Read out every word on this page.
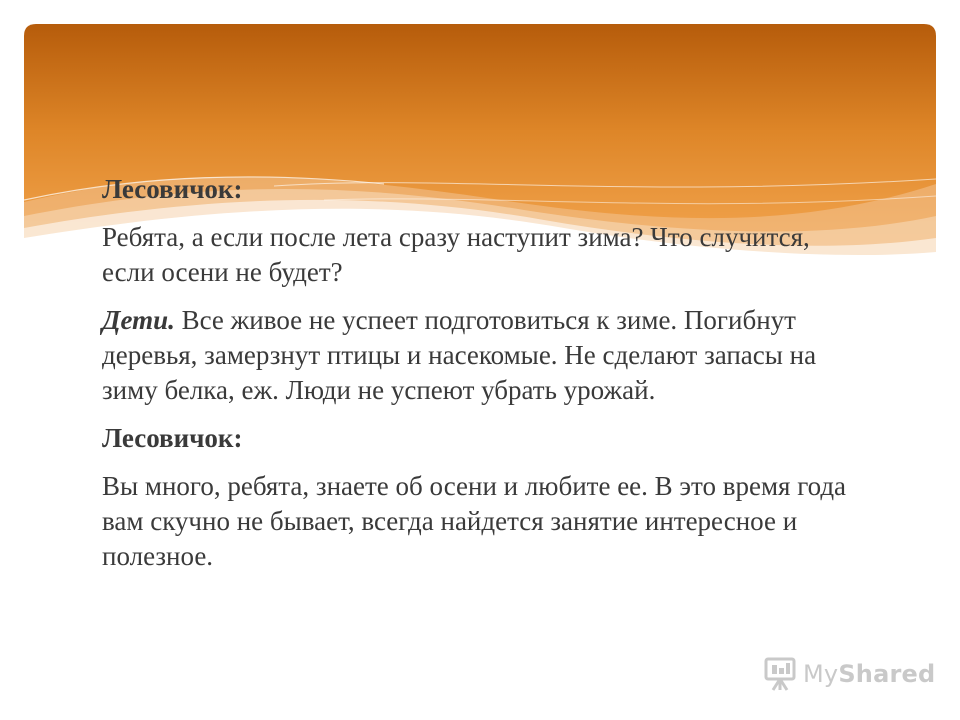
Лесовичок:

Ребята, а если после лета сразу наступит зима? Что случится, если осени не будет?

Дети. Все живое не успеет подготовиться к зиме. Погибнут деревья, замерзнут птицы и насекомые. Не сделают запасы на зиму белка, еж. Люди не успеют убрать урожай.

Лесовичок:

Вы много, ребята, знаете об осени и любите ее. В это время года вам скучно не бывает, всегда найдется занятие интересное и полезное.

MyShared
